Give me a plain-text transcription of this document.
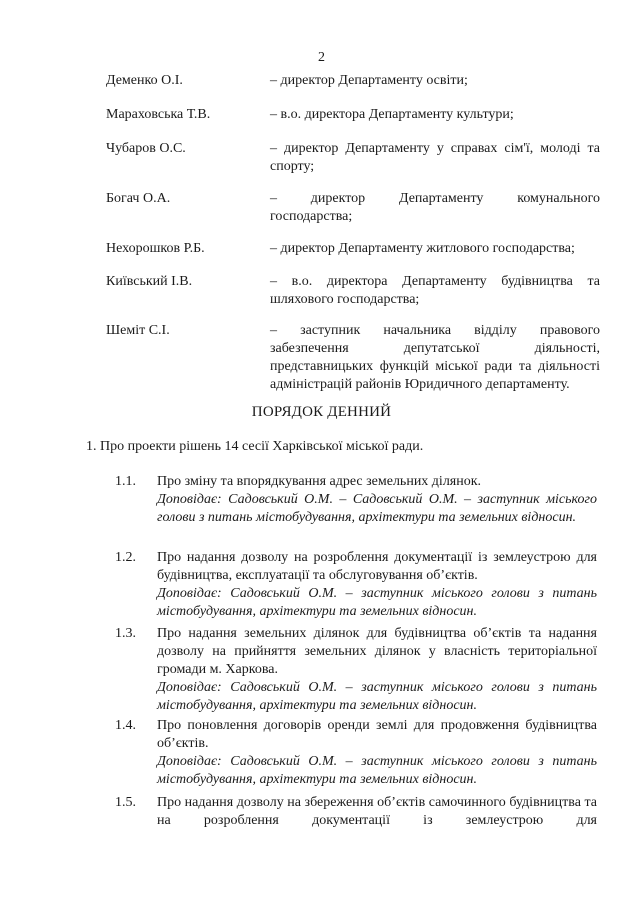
2
Деменко О.І.	– директор Департаменту освіти;
Мараховська Т.В.	– в.о. директора Департаменту культури;
Чубаров О.С.	– директор Департаменту у справах сім'ї, молоді та спорту;
Богач О.А.	– директор Департаменту комунального
господарства;
Нехорошков Р.Б.	– директор Департаменту житлового господарства;
Київський І.В.	– в.о. директора Департаменту будівництва та шляхового господарства;
Шеміт С.І.	– заступник начальника відділу правового забезпечення депутатської діяльності, представницьких функцій міської ради та діяльності адміністрацій районів Юридичного департаменту.
ПОРЯДОК ДЕННИЙ
1. Про проекти рішень 14 сесії Харківської міської ради.
1.1. Про зміну та впорядкування адрес земельних ділянок.
Доповідає: Садовський О.М. – Садовський О.М. – заступник міського голови з питань містобудування, архітектури та земельних відносин.
1.2. Про надання дозволу на розроблення документації із землеустрою для будівництва, експлуатації та обслуговування об’єктів.
Доповідає: Садовський О.М. – заступник міського голови з питань містобудування, архітектури та земельних відносин.
1.3. Про надання земельних ділянок для будівництва об’єктів та надання дозволу на прийняття земельних ділянок у власність територіальної громади м. Харкова.
Доповідає: Садовський О.М. – заступник міського голови з питань містобудування, архітектури та земельних відносин.
1.4. Про поновлення договорів оренди землі для продовження будівництва об’єктів.
Доповідає: Садовський О.М. – заступник міського голови з питань містобудування, архітектури та земельних відносин.
1.5. Про надання дозволу на збереження об’єктів самочинного будівництва та на розроблення документації із землеустрою для
